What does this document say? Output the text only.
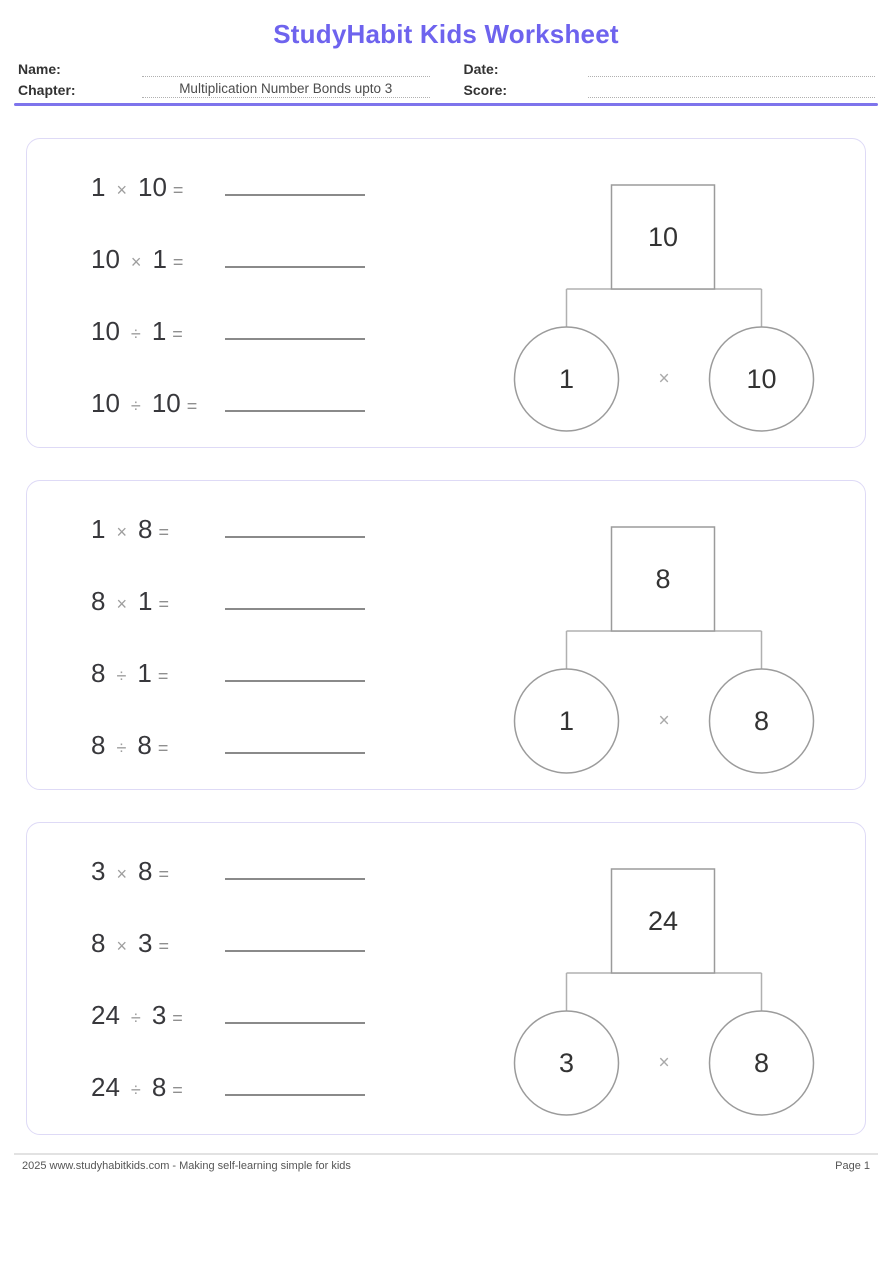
StudyHabit Kids Worksheet
Name:
Chapter:	Multiplication Number Bonds upto 3
Date:
Score:
1 × 10 =
10 × 1 =
10 ÷ 1 =
10 ÷ 10 =
10
1	×	10
1 × 8 =
8 × 1 =
8 ÷ 1 =
8 ÷ 8 =
8
1	×	8
3 × 8 =
8 × 3 =
24 ÷ 3 =
24 ÷ 8 =
24
3	×	8
2025 www.studyhabitkids.com - Making self-learning simple for kids	Page 1
